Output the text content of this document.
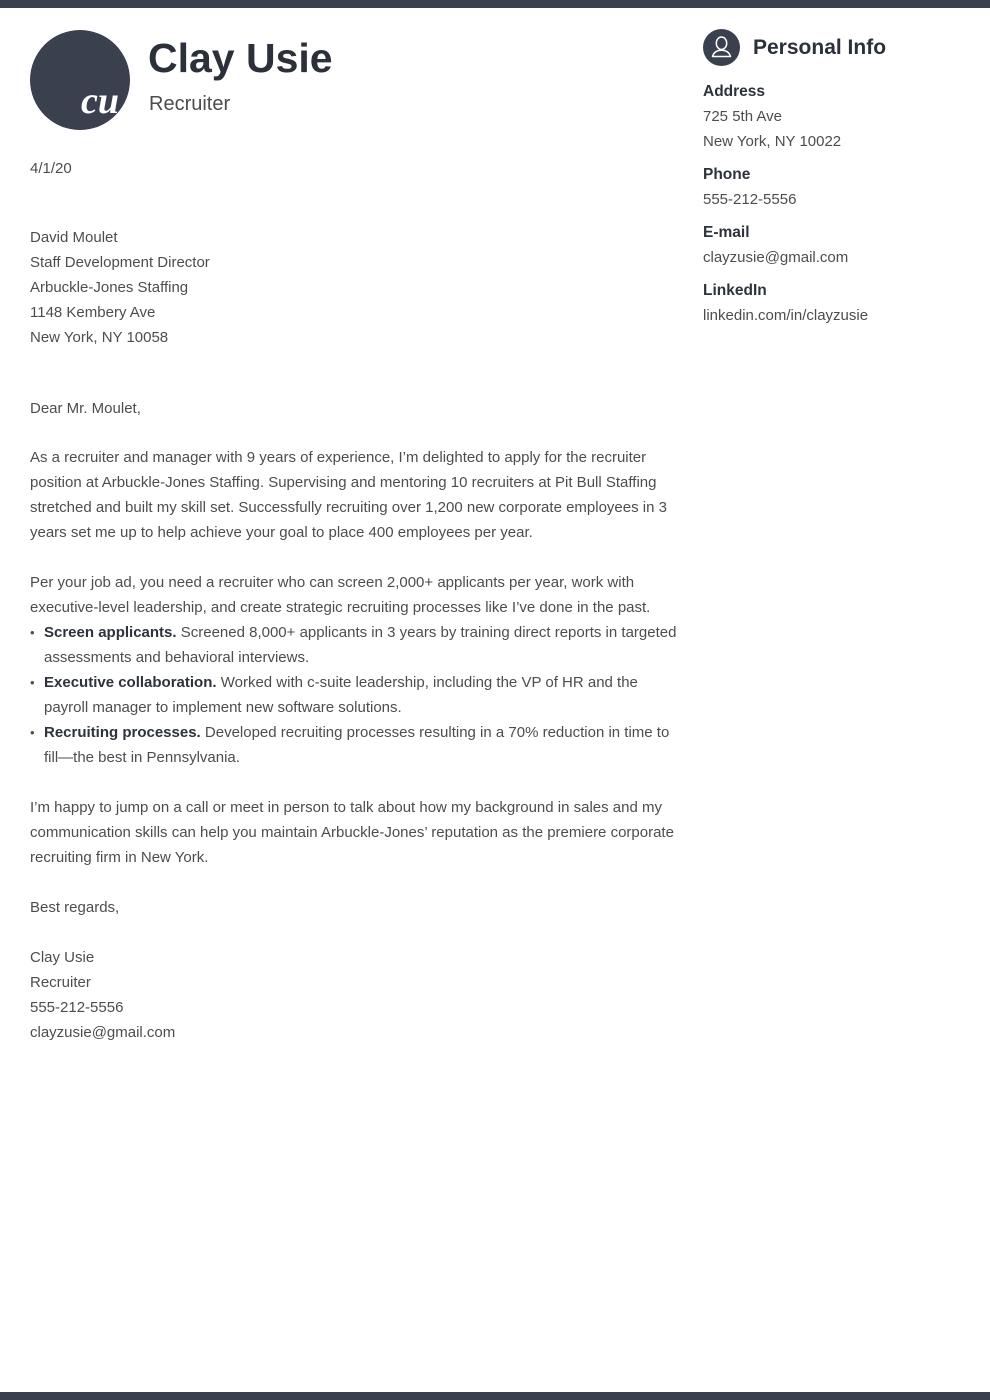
cu
Clay Usie
Recruiter
4/1/20
David Moulet
Staff Development Director
Arbuckle-Jones Staffing
1148 Kembery Ave
New York, NY 10058
Dear Mr. Moulet,
As a recruiter and manager with 9 years of experience, I’m delighted to apply for the recruiter position at Arbuckle-Jones Staffing. Supervising and mentoring 10 recruiters at Pit Bull Staffing stretched and built my skill set. Successfully recruiting over 1,200 new corporate employees in 3 years set me up to help achieve your goal to place 400 employees per year.
Per your job ad, you need a recruiter who can screen 2,000+ applicants per year, work with executive-level leadership, and create strategic recruiting processes like I’ve done in the past.
• Screen applicants. Screened 8,000+ applicants in 3 years by training direct reports in targeted assessments and behavioral interviews.
• Executive collaboration. Worked with c-suite leadership, including the VP of HR and the payroll manager to implement new software solutions.
• Recruiting processes. Developed recruiting processes resulting in a 70% reduction in time to fill—the best in Pennsylvania.
I’m happy to jump on a call or meet in person to talk about how my background in sales and my communication skills can help you maintain Arbuckle-Jones’ reputation as the premiere corporate recruiting firm in New York.
Best regards,
Clay Usie
Recruiter
555-212-5556
clayzusie@gmail.com
Personal Info
Address
725 5th Ave
New York, NY 10022
Phone
555-212-5556
E-mail
clayzusie@gmail.com
LinkedIn
linkedin.com/in/clayzusie
